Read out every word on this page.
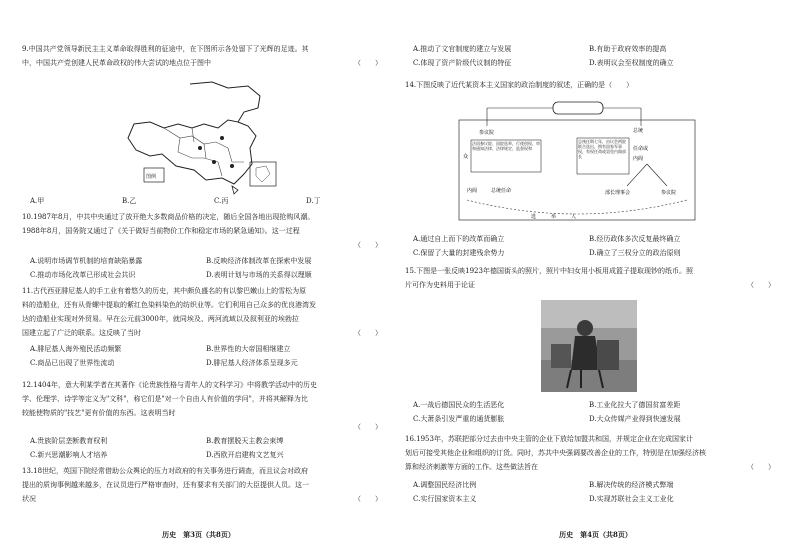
9.中国共产党领导新民主主义革命取得胜利的征途中，在下图所示各处留下了光辉的足迹。其
中，中国共产党创建人民革命政权的伟大尝试的地点位于图中	（　　）
图例
A.甲	B.乙	C.丙	D.丁
10.1987年8月，中共中央通过了放开绝大多数商品价格的决定，随后全国各地出现抢购风潮。
1988年8月，国务院又通过了《关于做好当前物价工作和稳定市场的紧急通知》。这一过程
（　　）
A.说明市场调节机制的培育缺陷暴露	B.反映经济体制改革在探索中发展
C.推动市场化改革已形成社会共识	D.表明计划与市场的关系得以理顺
11.古代西亚腓尼基人的手工业有着悠久的历史，其中颇负盛名的有以黎巴嫩山上的雪松为原
料的造船业，还有从骨螺中提取的紫红色染料染色的纺织业等。它们利用自己众多的优良港湾发
达的造船业实现对外贸易。早在公元前3000年，就同埃及、两河流域以及叙利亚的埃勃拉
国建立起了广泛的联系。这反映了当时	（　　）
A.腓尼基人海外殖民活动频繁	B.世界性的大帝国相继建立
C.商品已出现了世界性流动	D.腓尼基人经济体系呈现多元
12.1404年，意大利某学者在其著作《论贵族性格与青年人的文科学习》中将教学活动中的历史
学、伦理学、诗学等定义为"文科"，称它们是"对一个自由人有价值的学问"，并将其解释为比
较能使物质的"技艺"更有价值的东西。这表明当时
（　　）
A.贵族阶层垄断教育权利	B.教育摆脱天主教会束缚
C.新兴思潮影响人才培养	D.西欧开启建构文艺复兴
13.18世纪，英国下院经常借助公众舆论的压力对政府的有关事务进行调查，而且议会对政府
提出的质询事例越来越多，在议员进行严格审查时，还有要求有关部门的大臣提供人员。这一
状况	（　　）
历史　第3页（共8页）
A.推动了文官制度的建立与发展	B.有助于政府效率的提高
C.体现了资产阶级代议制的特征	D.表明议会至权制度的确立
14.下图反映了近代某资本主义国家的政治制度的叙述，正确的是（　　）
参议院
众
法国参议院、国院选举，行使创权、审和通知法律、法律规定、监督权和
内阁	总统任命
总统
任命或
内阁
总统任期七年，由议会两院联合选出，拥有国家军事权，有权任命或罢免内阁部长
部长理事会	参议院
选　　　举　　　人
A.通过自上而下的改革而确立	B.经历政体多次反复最终确立
C.保留了大量的封建残余势力	D.确立了三权分立的政治原则
15.下图是一张反映1923年德国街头的照片，照片中妇女用小板用成篮子提取现钞的纸币。照
片可作为史料用于论证	（　　）
A.一战后德国民众的生活恶化	B.工业化拉大了德国贫富差距
C.大萧条引发严重的通货膨胀	D.大众传媒产业得到快速发展
16.1953年，苏联把部分过去由中央主管的企业下放给加盟共和国，并规定企业在完成国家计
划后可接受其他企业和组织的订货。同时，苏共中央强调要改善企业的工作，特别是在加强经济核
算和经济刺激等方面的工作。这些做法旨在	（　　）
A.调整国民经济比例	B.解决传统的经济模式弊端
C.实行国家资本主义	D.实现苏联社会主义工业化
历史　第4页（共8页）
